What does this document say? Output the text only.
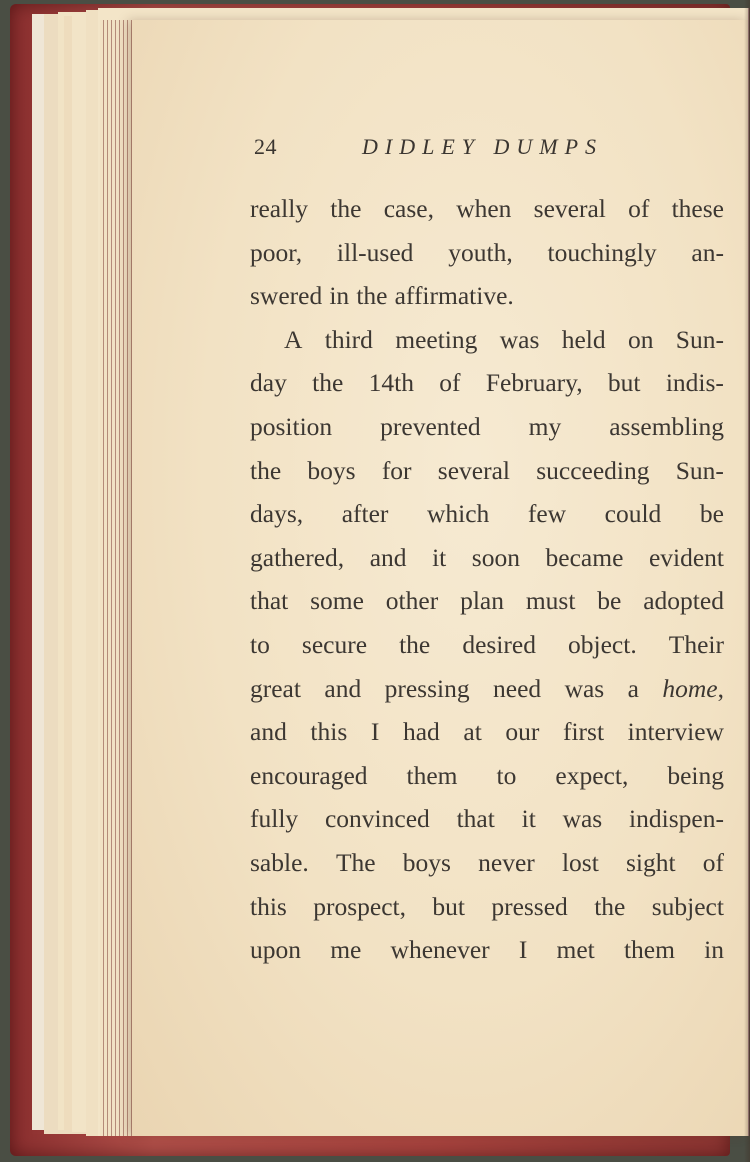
24	DIDLEY DUMPS
really the case, when several of these
poor, ill-used youth, touchingly an-
swered in the affirmative.
A third meeting was held on Sun-
day the 14th of February, but indis-
position prevented my assembling
the boys for several succeeding Sun-
days, after which few could be
gathered, and it soon became evident
that some other plan must be adopted
to secure the desired object. Their
great and pressing need was a home,
and this I had at our first interview
encouraged them to expect, being
fully convinced that it was indispen-
sable. The boys never lost sight of
this prospect, but pressed the subject
upon me whenever I met them in
